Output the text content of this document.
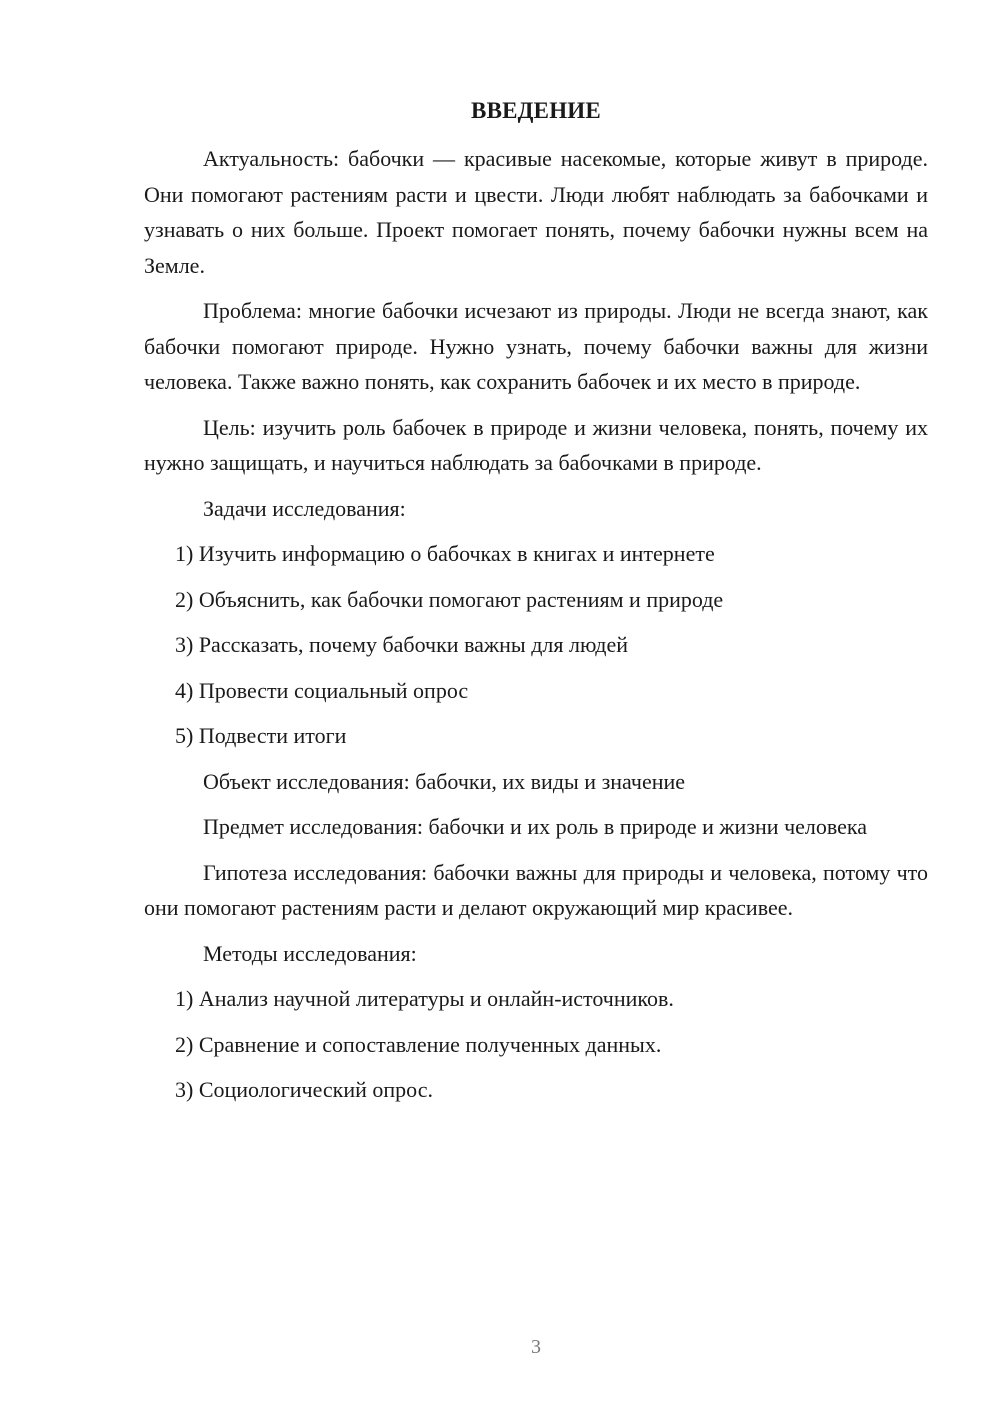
ВВЕДЕНИЕ

Актуальность: бабочки — красивые насекомые, которые живут в природе. Они помогают растениям расти и цвести. Люди любят наблюдать за бабочками и узнавать о них больше. Проект помогает понять, почему бабочки нужны всем на Земле.

Проблема: многие бабочки исчезают из природы. Люди не всегда знают, как бабочки помогают природе. Нужно узнать, почему бабочки важны для жизни человека. Также важно понять, как сохранить бабочек и их место в природе.

Цель: изучить роль бабочек в природе и жизни человека, понять, почему их нужно защищать, и научиться наблюдать за бабочками в природе.

Задачи исследования:

1) Изучить информацию о бабочках в книгах и интернете

2) Объяснить, как бабочки помогают растениям и природе

3) Рассказать, почему бабочки важны для людей

4) Провести социальный опрос

5) Подвести итоги

Объект исследования: бабочки, их виды и значение

Предмет исследования: бабочки и их роль в природе и жизни человека

Гипотеза исследования: бабочки важны для природы и человека, потому что они помогают растениям расти и делают окружающий мир красивее.

Методы исследования:

1) Анализ научной литературы и онлайн-источников.

2) Сравнение и сопоставление полученных данных.

3) Социологический опрос.

3
